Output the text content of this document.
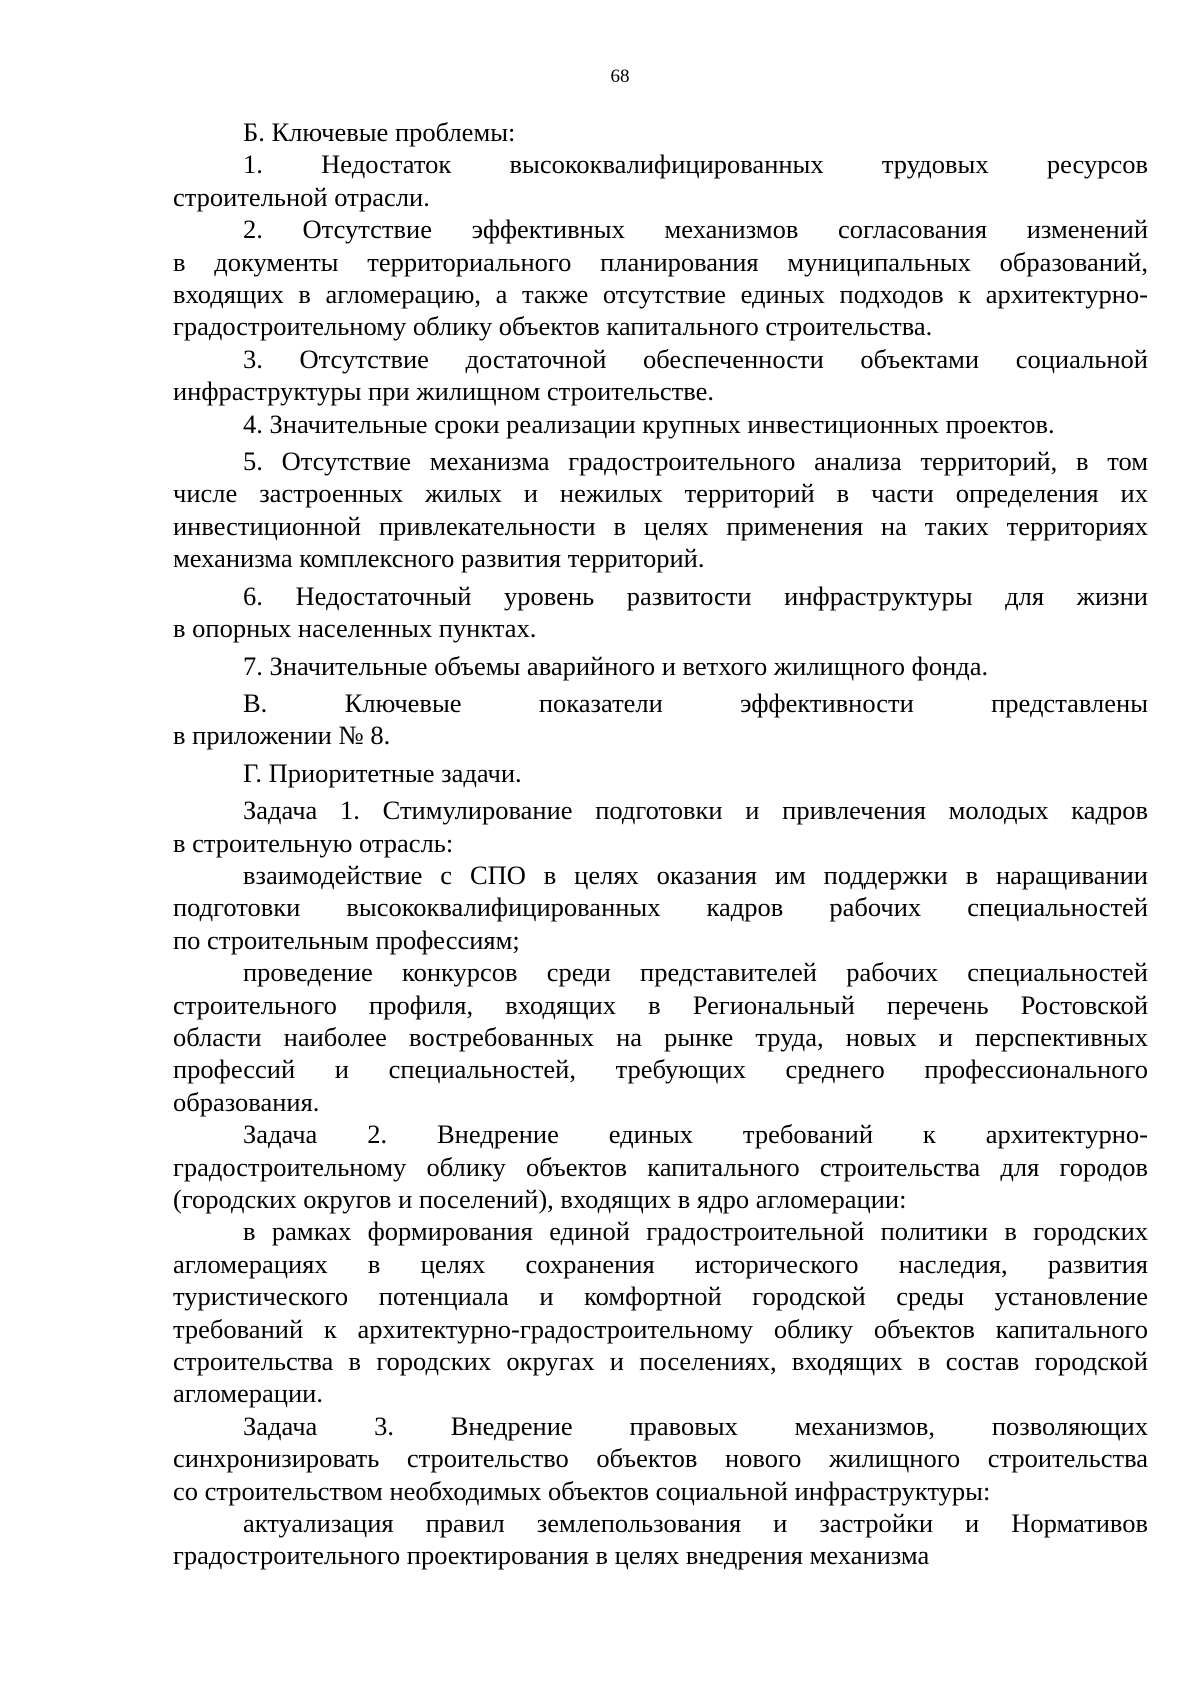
68
Б. Ключевые проблемы:
1. Недостаток высококвалифицированных трудовых ресурсов
строительной отрасли.
2. Отсутствие эффективных механизмов согласования изменений
в документы территориального планирования муниципальных образований,
входящих в агломерацию, а также отсутствие единых подходов к архитектурно-
градостроительному облику объектов капитального строительства.
3. Отсутствие достаточной обеспеченности объектами социальной
инфраструктуры при жилищном строительстве.
4. Значительные сроки реализации крупных инвестиционных проектов.
5. Отсутствие механизма градостроительного анализа территорий, в том
числе застроенных жилых и нежилых территорий в части определения их
инвестиционной привлекательности в целях применения на таких территориях
механизма комплексного развития территорий.
6. Недостаточный уровень развитости инфраструктуры для жизни
в опорных населенных пунктах.
7. Значительные объемы аварийного и ветхого жилищного фонда.
В. Ключевые показатели эффективности представлены
в приложении № 8.
Г. Приоритетные задачи.
Задача 1. Стимулирование подготовки и привлечения молодых кадров
в строительную отрасль:
взаимодействие с СПО в целях оказания им поддержки в наращивании
подготовки высококвалифицированных кадров рабочих специальностей
по строительным профессиям;
проведение конкурсов среди представителей рабочих специальностей
строительного профиля, входящих в Региональный перечень Ростовской
области наиболее востребованных на рынке труда, новых и перспективных
профессий и специальностей, требующих среднего профессионального
образования.
Задача 2. Внедрение единых требований к архитектурно-
градостроительному облику объектов капитального строительства для городов
(городских округов и поселений), входящих в ядро агломерации:
в рамках формирования единой градостроительной политики в городских
агломерациях в целях сохранения исторического наследия, развития
туристического потенциала и комфортной городской среды установление
требований к архитектурно-градостроительному облику объектов капитального
строительства в городских округах и поселениях, входящих в состав городской
агломерации.
Задача 3. Внедрение правовых механизмов, позволяющих
синхронизировать строительство объектов нового жилищного строительства
со строительством необходимых объектов социальной инфраструктуры:
актуализация правил землепользования и застройки и Нормативов
градостроительного проектирования в целях внедрения механизма
